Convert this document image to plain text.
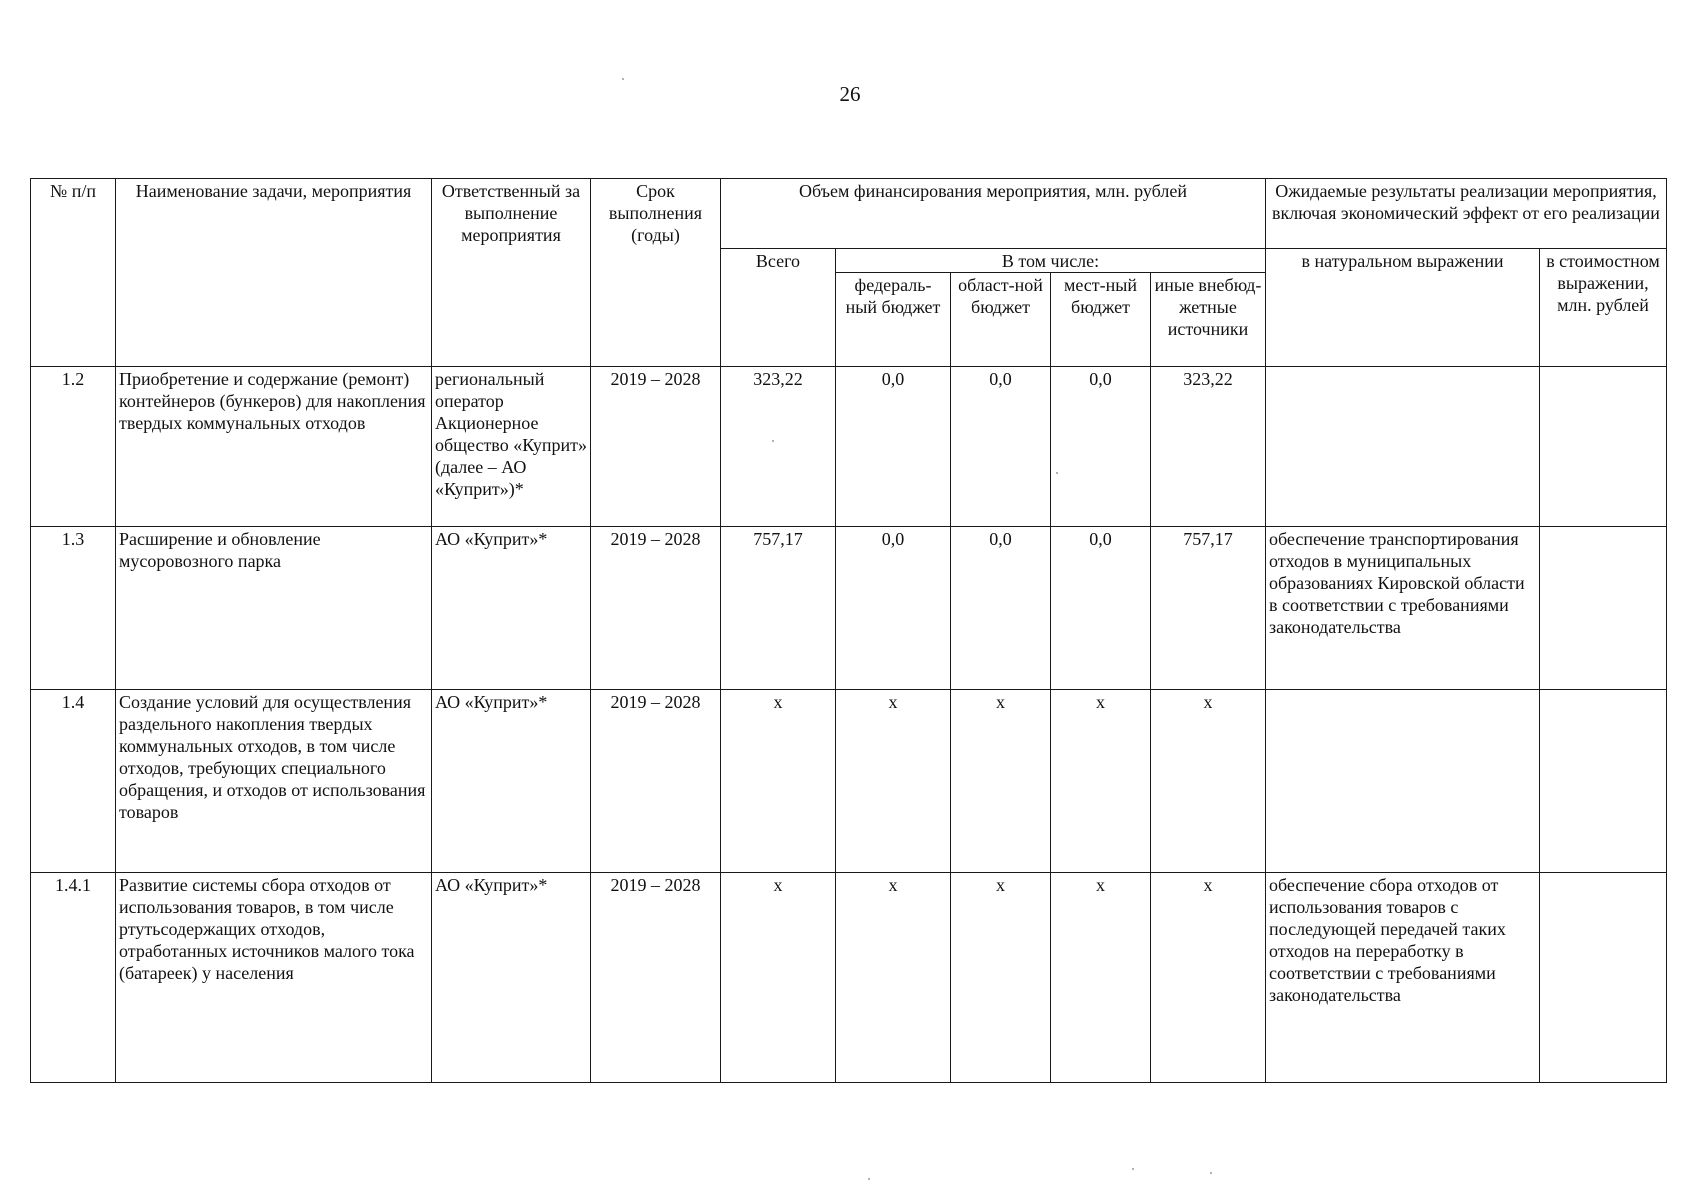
26
№ п/п	Наименование задачи, мероприятия	Ответственный за выполнение мероприятия	Срок выполнения (годы)	Объем финансирования мероприятия, млн. рублей					Ожидаемые результаты реализации мероприятия, включая экономический эффект от его реализации	
				Всего	В том числе:				в натуральном выражении	в стоимостном выражении, млн. рублей
					федераль-ный бюджет	област-ной бюджет	мест-ный бюджет	иные внебюд-жетные источники		
1.2	Приобретение и содержание (ремонт) контейнеров (бункеров) для накопления твердых коммунальных отходов	региональный оператор Акционерное общество «Куприт» (далее – АО «Куприт»)*	2019 – 2028	323,22	0,0	0,0	0,0	323,22		
1.3	Расширение и обновление мусоровозного парка	АО «Куприт»*	2019 – 2028	757,17	0,0	0,0	0,0	757,17	обеспечение транспортирования отходов в муниципальных образованиях Кировской области в соответствии с требованиями законодательства	
1.4	Создание условий для осуществления раздельного накопления твердых коммунальных отходов, в том числе отходов, требующих специального обращения, и отходов от использования товаров	АО «Куприт»*	2019 – 2028	х	х	х	х	х		
1.4.1	Развитие системы сбора отходов от использования товаров, в том числе ртутьсодержащих отходов, отработанных источников малого тока (батареек) у населения	АО «Куприт»*	2019 – 2028	х	х	х	х	х	обеспечение сбора отходов от использования товаров с последующей передачей таких отходов на переработку в соответствии с требованиями законодательства	
